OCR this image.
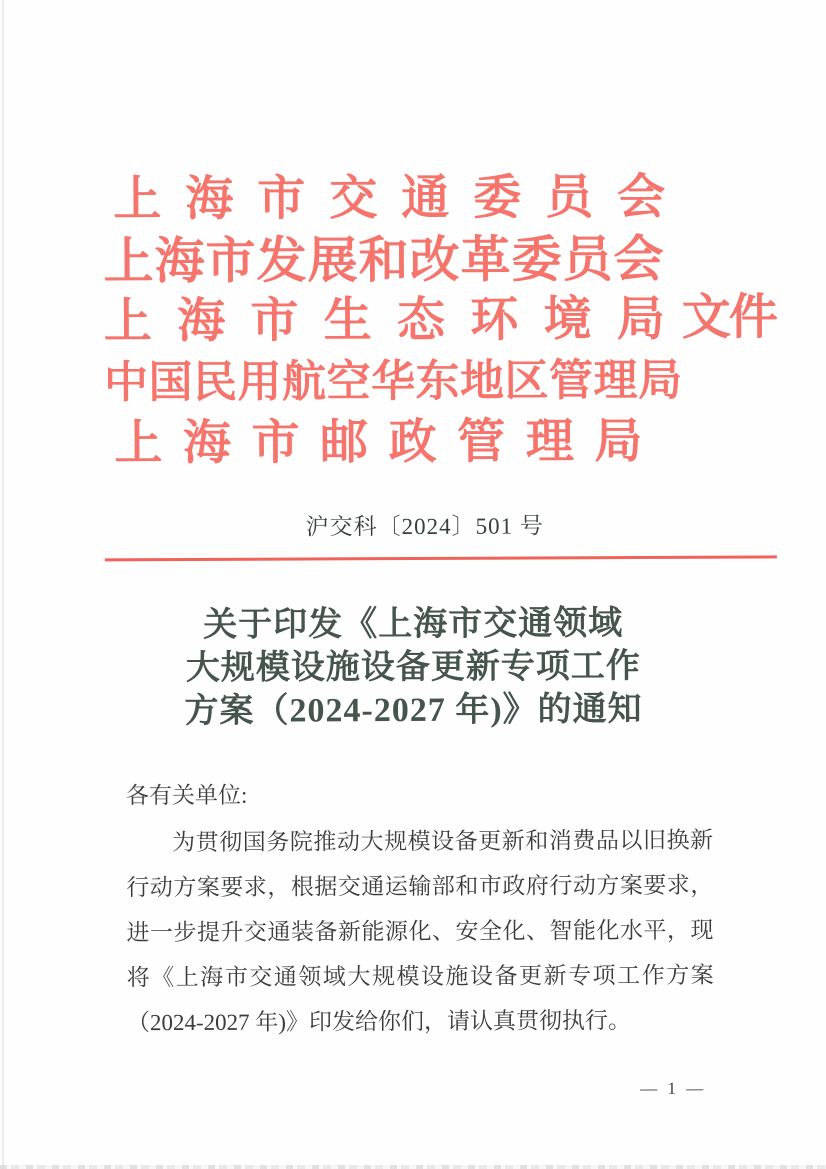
上 海 市 交 通 委 员 会
上海市发展和改革委员会
上 海 市 生 态 环 境 局 文件
中国民用航空华东地区管理局
上 海 市 邮 政 管 理 局
沪交科〔2024〕501 号
关于印发《上海市交通领域
大规模设施设备更新专项工作
方案（2024-2027 年)》的通知

各有关单位:

为贯彻国务院推动大规模设备更新和消费品以旧换新

行动方案要求，根据交通运输部和市政府行动方案要求，

进一步提升交通装备新能源化、安全化、智能化水平，现

将《上海市交通领域大规模设施设备更新专项工作方案

（2024-2027 年)》印发给你们，请认真贯彻执行。

— 1 —
